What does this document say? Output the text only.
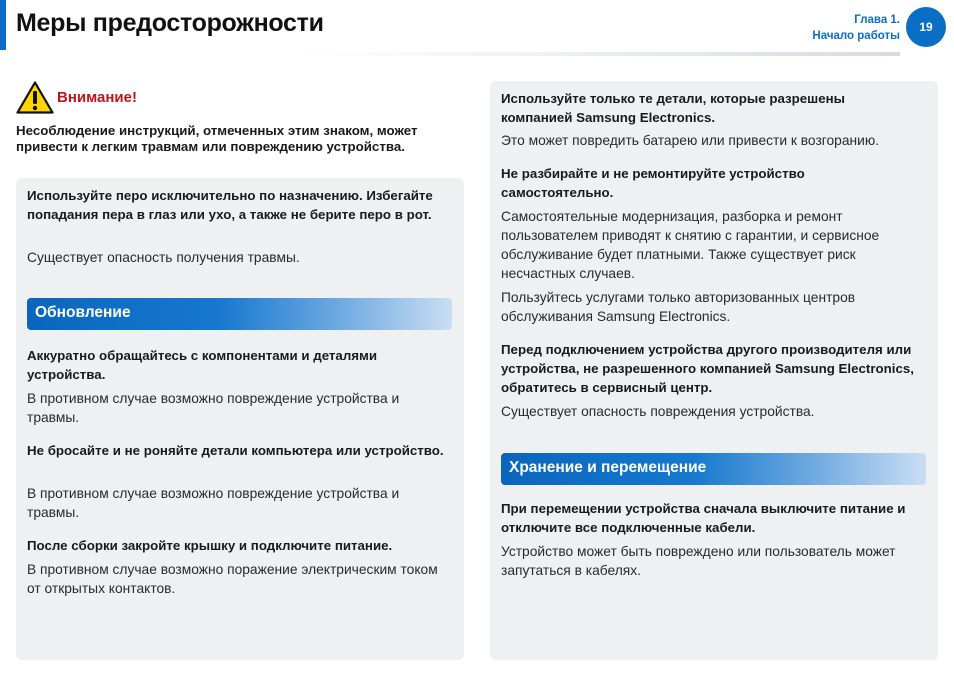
Меры предосторожности	Глава 1.
Начало работы
19
Внимание!
Несоблюдение инструкций, отмеченных этим знаком, может привести к легким травмам или повреждению устройства.
Используйте перо исключительно по назначению. Избегайте попадания пера в глаз или ухо, а также не берите перо в рот.
Существует опасность получения травмы.
Обновление
Аккуратно обращайтесь с компонентами и деталями устройства.
В противном случае возможно повреждение устройства и травмы.
Не бросайте и не роняйте детали компьютера или устройство.
В противном случае возможно повреждение устройства и травмы.
После сборки закройте крышку и подключите питание.
В противном случае возможно поражение электрическим током от открытых контактов.
Используйте только те детали, которые разрешены компанией Samsung Electronics.
Это может повредить батарею или привести к возгоранию.
Не разбирайте и не ремонтируйте устройство самостоятельно.
Самостоятельные модернизация, разборка и ремонт пользователем приводят к снятию с гарантии, и сервисное обслуживание будет платными. Также существует риск несчастных случаев.
Пользуйтесь услугами только авторизованных центров обслуживания Samsung Electronics.
Перед подключением устройства другого производителя или устройства, не разрешенного компанией Samsung Electronics, обратитесь в сервисный центр.
Существует опасность повреждения устройства.
Хранение и перемещение
При перемещении устройства сначала выключите питание и отключите все подключенные кабели.
Устройство может быть повреждено или пользователь может запутаться в кабелях.
